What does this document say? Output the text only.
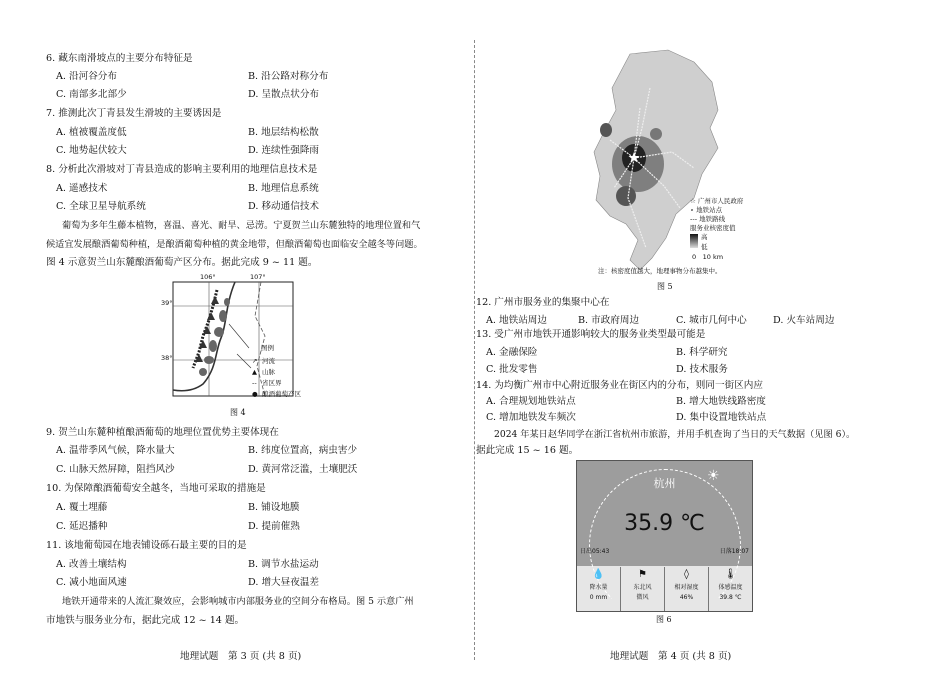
6. 藏东南滑坡点的主要分布特征是
A. 沿河谷分布	B. 沿公路对称分布
C. 南部多北部少	D. 呈散点状分布
7. 推测此次丁青县发生滑坡的主要诱因是
A. 植被覆盖度低	B. 地层结构松散
C. 地势起伏较大	D. 连续性强降雨
8. 分析此次滑坡对丁青县造成的影响主要利用的地理信息技术是
A. 遥感技术	B. 地理信息系统
C. 全球卫星导航系统	D. 移动通信技术
葡萄为多年生藤本植物，喜温、喜光、耐旱、忌涝。宁夏贺兰山东麓独特的地理位置和气
候适宜发展酿酒葡萄种植，是酿酒葡萄种植的黄金地带，但酿酒葡萄也面临安全越冬等问题。
图 4 示意贺兰山东麓酿酒葡萄产区分布。据此完成 9 ~ 11 题。
106°	107°
39°
38°
图例
↗ 河流
▲ 山脉
-- 省区界
● 酿酒葡萄产区
图 4
9. 贺兰山东麓种植酿酒葡萄的地理位置优势主要体现在
A. 温带季风气候，降水量大	B. 纬度位置高，病虫害少
C. 山脉天然屏障，阻挡风沙	D. 黄河常泛滥，土壤肥沃
10. 为保障酿酒葡萄安全越冬，当地可采取的措施是
A. 覆土埋藤	B. 铺设地膜
C. 延迟播种	D. 提前催熟
11. 该地葡萄园在地表铺设砾石最主要的目的是
A. 改善土壤结构	B. 调节水盐运动
C. 减小地面风速	D. 增大昼夜温差
地铁开通带来的人流汇聚效应，会影响城市内部服务业的空间分布格局。图 5 示意广州
市地铁与服务业分布，据此完成 12 ~ 14 题。
地理试题　第 3 页 (共 8 页)
☆ 广州市人民政府
∘ 地铁站点
--- 地铁路线
服务业核密度值
高
低
0　10 km
注：核密度值越大，地理事物分布越集中。
图 5
12. 广州市服务业的集聚中心在
A. 地铁站周边	B. 市政府周边	C. 城市几何中心	D. 火车站周边
13. 受广州市地铁开通影响较大的服务业类型最可能是
A. 金融保险	B. 科学研究
C. 批发零售	D. 技术服务
14. 为均衡广州市中心附近服务业在街区内的分布，则同一街区内应
A. 合理规划地铁站点	B. 增大地铁线路密度
C. 增加地铁发车频次	D. 集中设置地铁站点
2024 年某日赵华同学在浙江省杭州市旅游，并用手机查询了当日的天气数据（见图 6）。
据此完成 15 ~ 16 题。
☀
杭州
35.9 ℃
日出05:43	日落18:07
💧
降水量
0 mm
⚑
东北风
微风
◊
相对湿度
46%
🌡
体感温度
39.8 ℃
图 6
地理试题　第 4 页 (共 8 页)
